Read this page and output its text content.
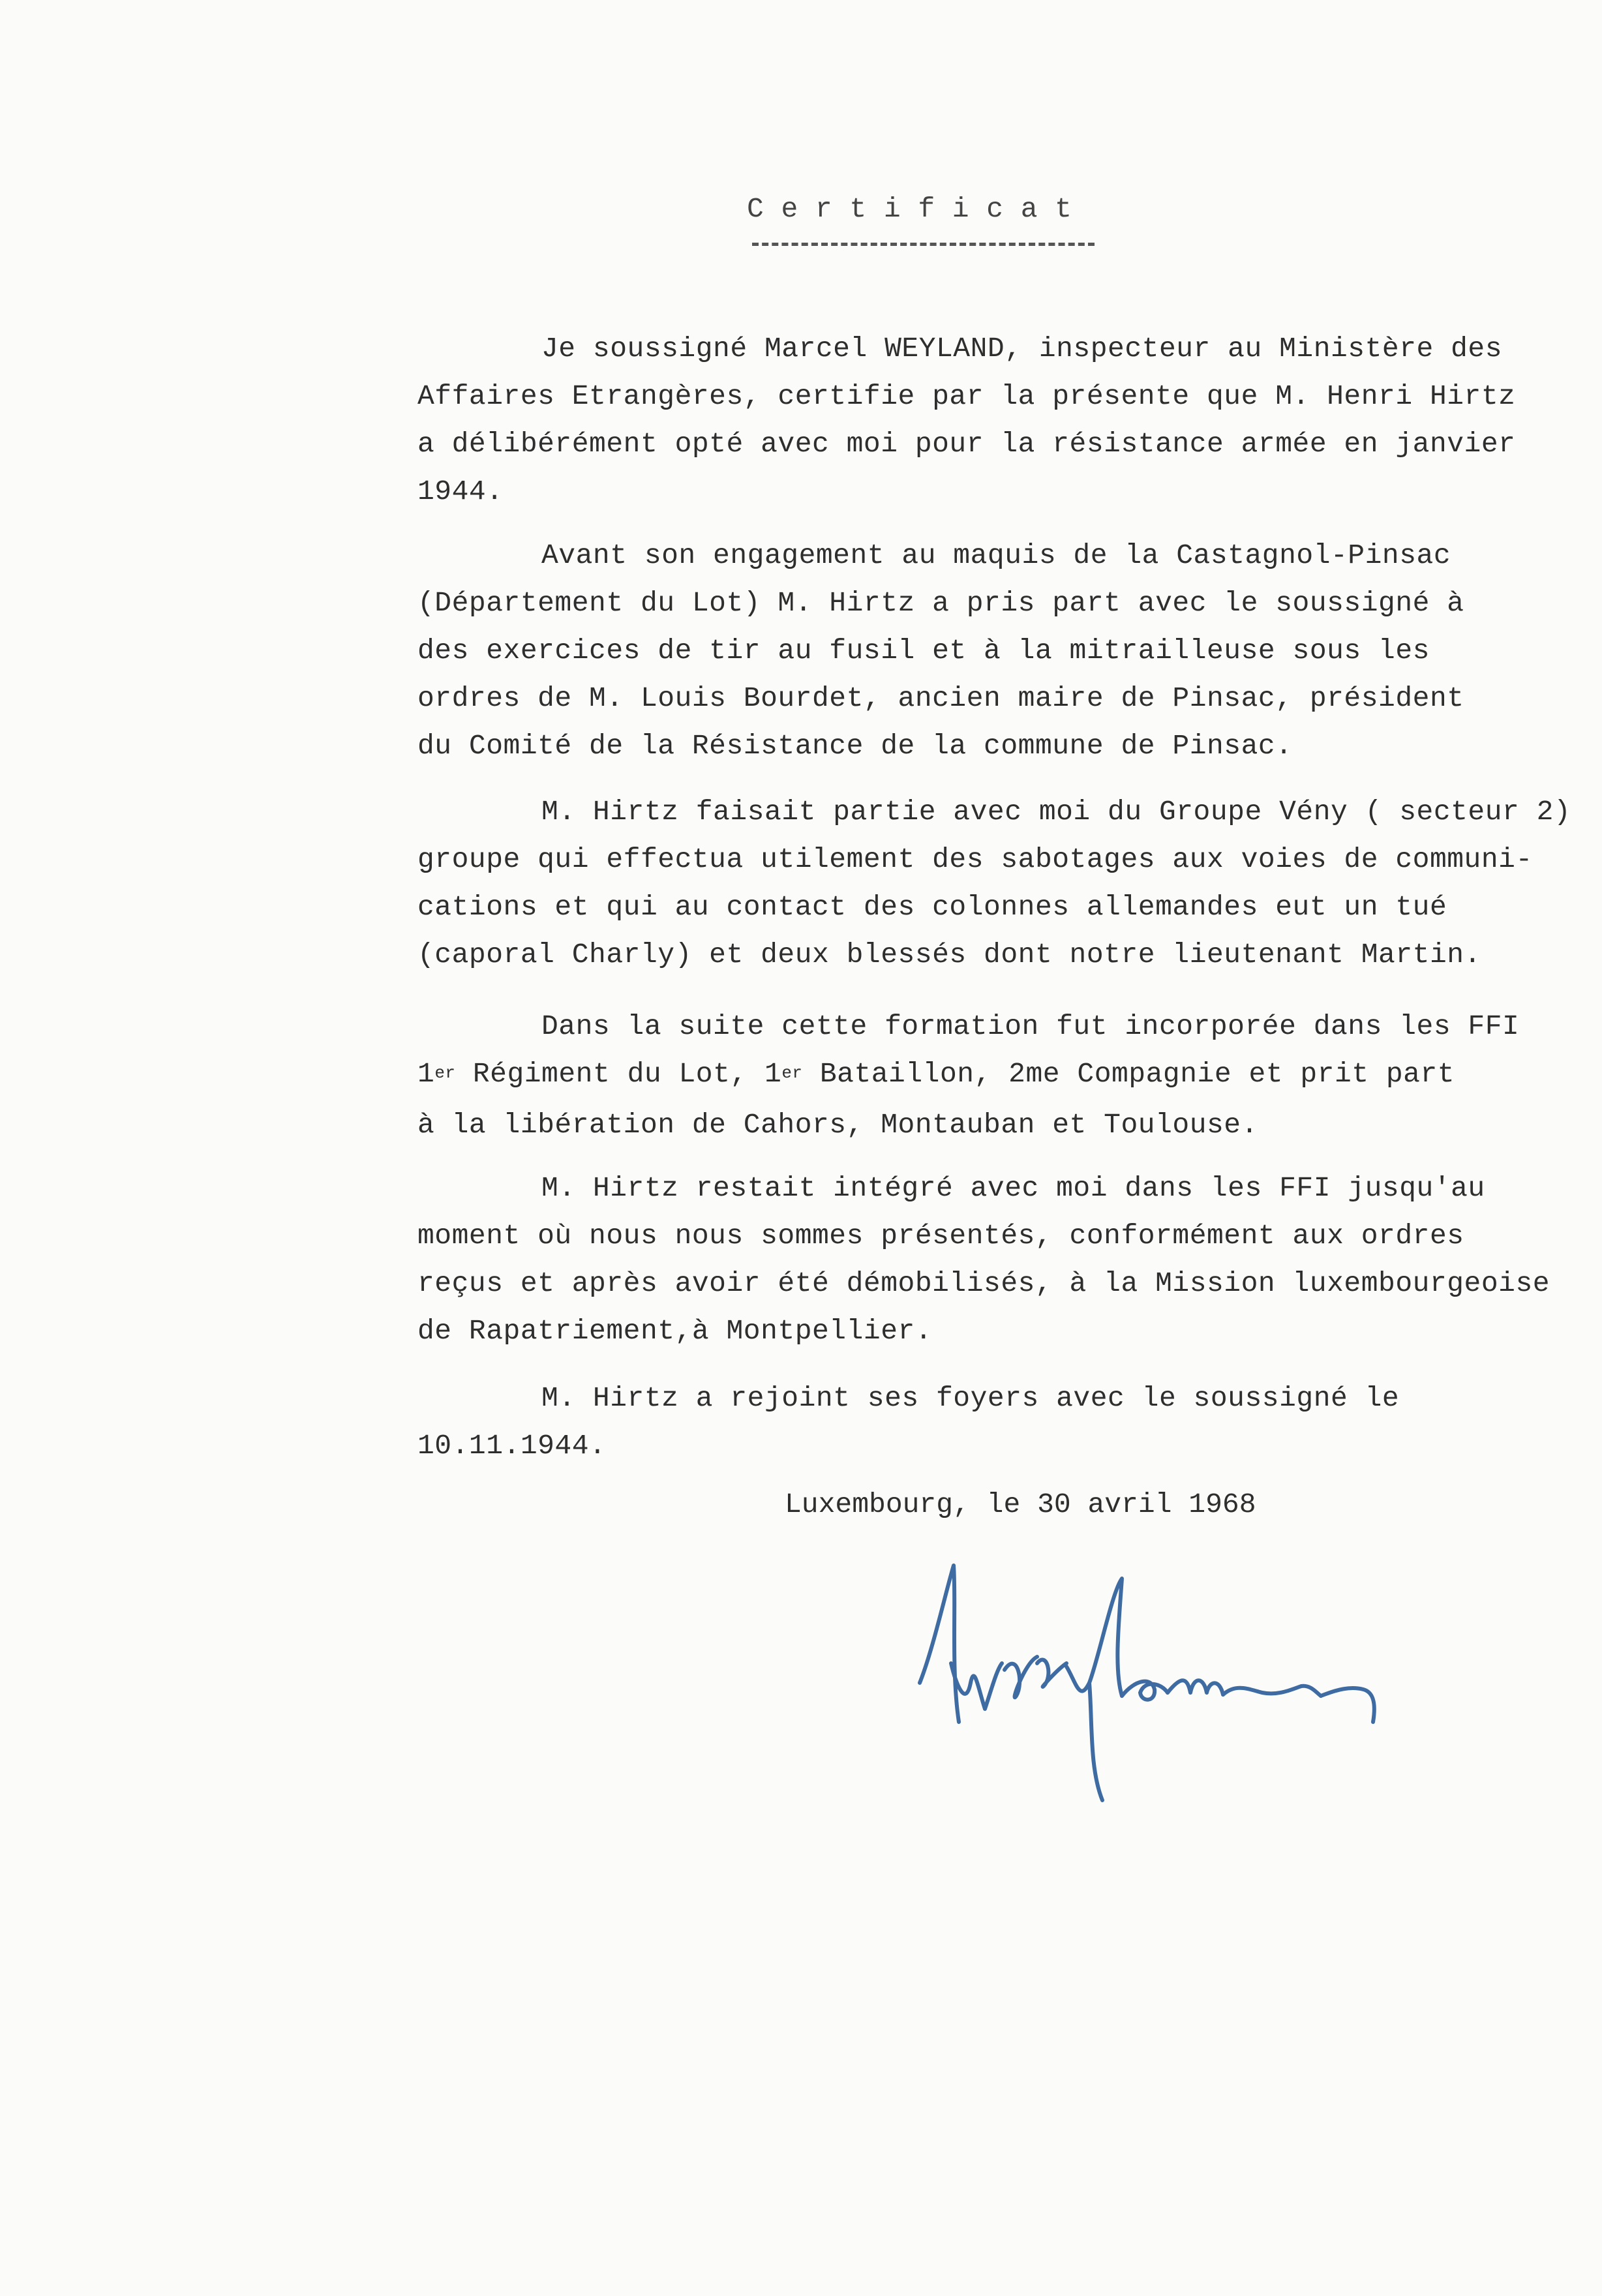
Certificat
Je soussigné Marcel WEYLAND, inspecteur au Ministère des
Affaires Etrangères, certifie par la présente que M. Henri Hirtz
a délibérément opté avec moi pour la résistance armée en janvier
1944.
Avant son engagement au maquis de la Castagnol-Pinsac
(Département du Lot) M. Hirtz a pris part avec le soussigné à
des exercices de tir au fusil et à la mitrailleuse sous les
ordres de M. Louis Bourdet, ancien maire de Pinsac, président
du Comité de la Résistance de la commune de Pinsac.
M. Hirtz faisait partie avec moi du Groupe Vény ( secteur 2)
groupe qui effectua utilement des sabotages aux voies de communi-
cations et qui au contact des colonnes allemandes eut un tué
(caporal Charly) et deux blessés dont notre lieutenant Martin.
Dans la suite cette formation fut incorporée dans les FFI
1er Régiment du Lot, 1er Bataillon, 2me Compagnie et prit part
à la libération de Cahors, Montauban et Toulouse.
M. Hirtz restait intégré avec moi dans les FFI jusqu'au
moment où nous nous sommes présentés, conformément aux ordres
reçus et après avoir été démobilisés, à la Mission luxembourgeoise
de Rapatriement,à Montpellier.
M. Hirtz a rejoint ses foyers avec le soussigné le
10.11.1944.
Luxembourg, le 30 avril 1968
